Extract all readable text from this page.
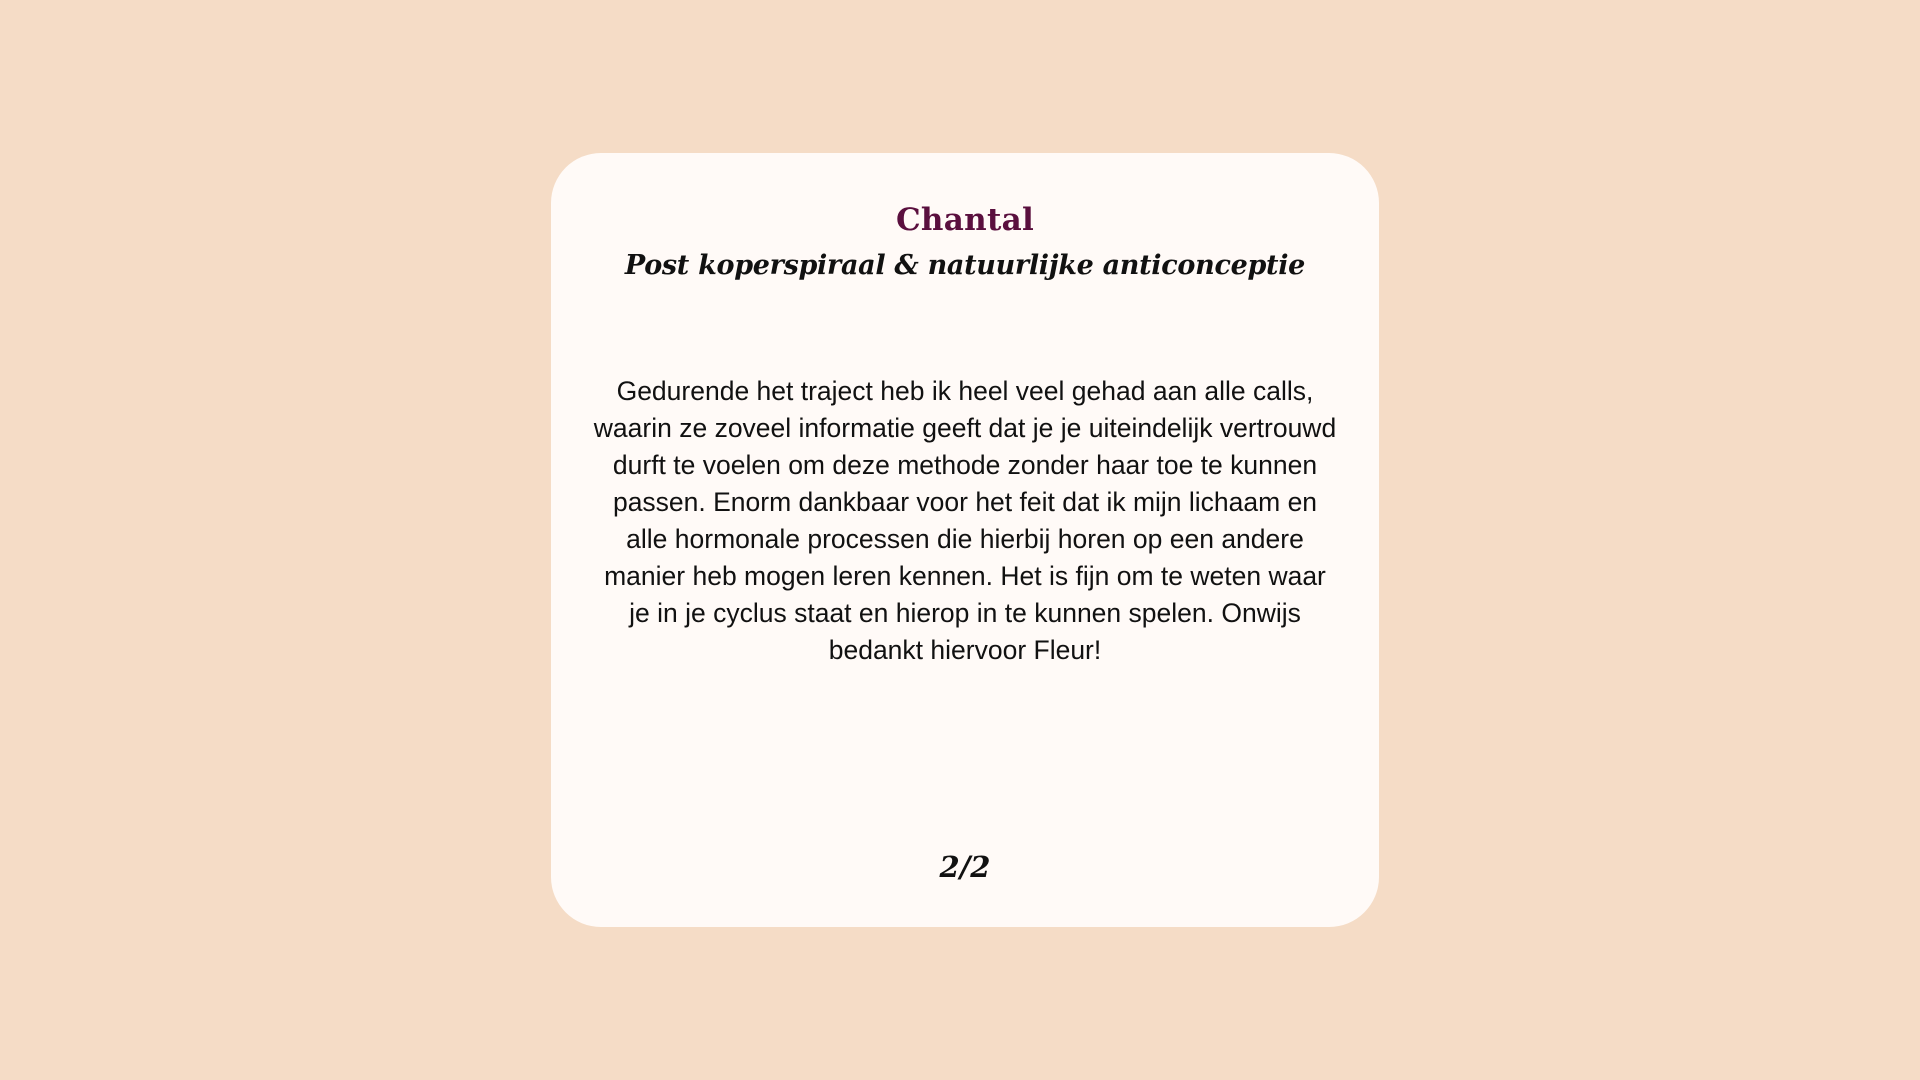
Chantal
Post koperspiraal & natuurlijke anticonceptie
Gedurende het traject heb ik heel veel gehad aan alle calls, waarin ze zoveel informatie geeft dat je je uiteindelijk vertrouwd durft te voelen om deze methode zonder haar toe te kunnen passen. Enorm dankbaar voor het feit dat ik mijn lichaam en alle hormonale processen die hierbij horen op een andere manier heb mogen leren kennen. Het is fijn om te weten waar je in je cyclus staat en hierop in te kunnen spelen. Onwijs bedankt hiervoor Fleur!
2/2
